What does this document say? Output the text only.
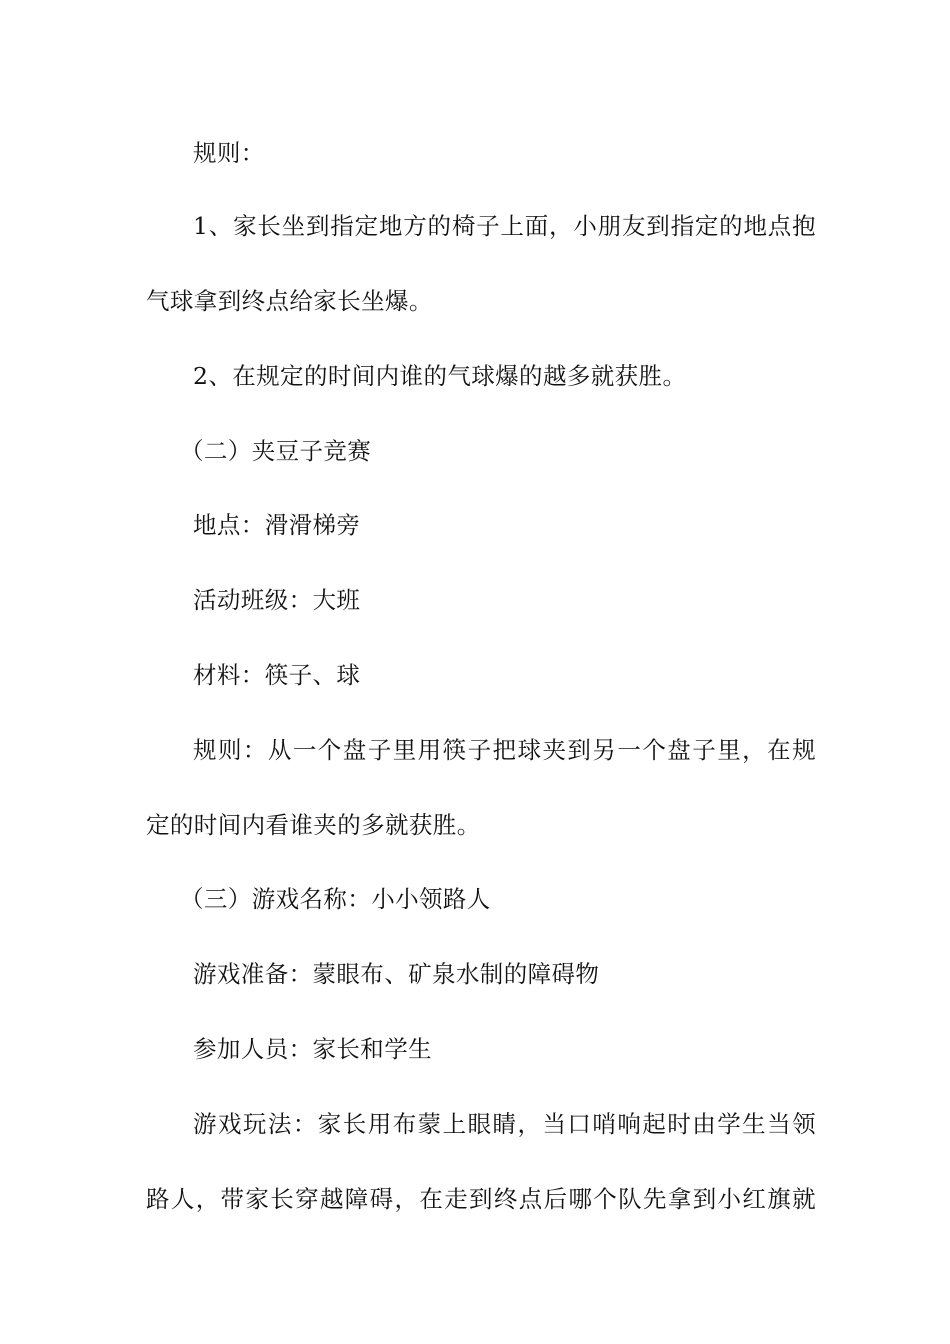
规则：
1、家长坐到指定地方的椅子上面，小朋友到指定的地点抱
气球拿到终点给家长坐爆。
2、在规定的时间内谁的气球爆的越多就获胜。
（二）夹豆子竞赛
地点：滑滑梯旁
活动班级：大班
材料：筷子、球
规则：从一个盘子里用筷子把球夹到另一个盘子里，在规
定的时间内看谁夹的多就获胜。
（三）游戏名称：小小领路人
游戏准备：蒙眼布、矿泉水制的障碍物
参加人员：家长和学生
游戏玩法：家长用布蒙上眼睛，当口哨响起时由学生当领
路人，带家长穿越障碍，在走到终点后哪个队先拿到小红旗就
